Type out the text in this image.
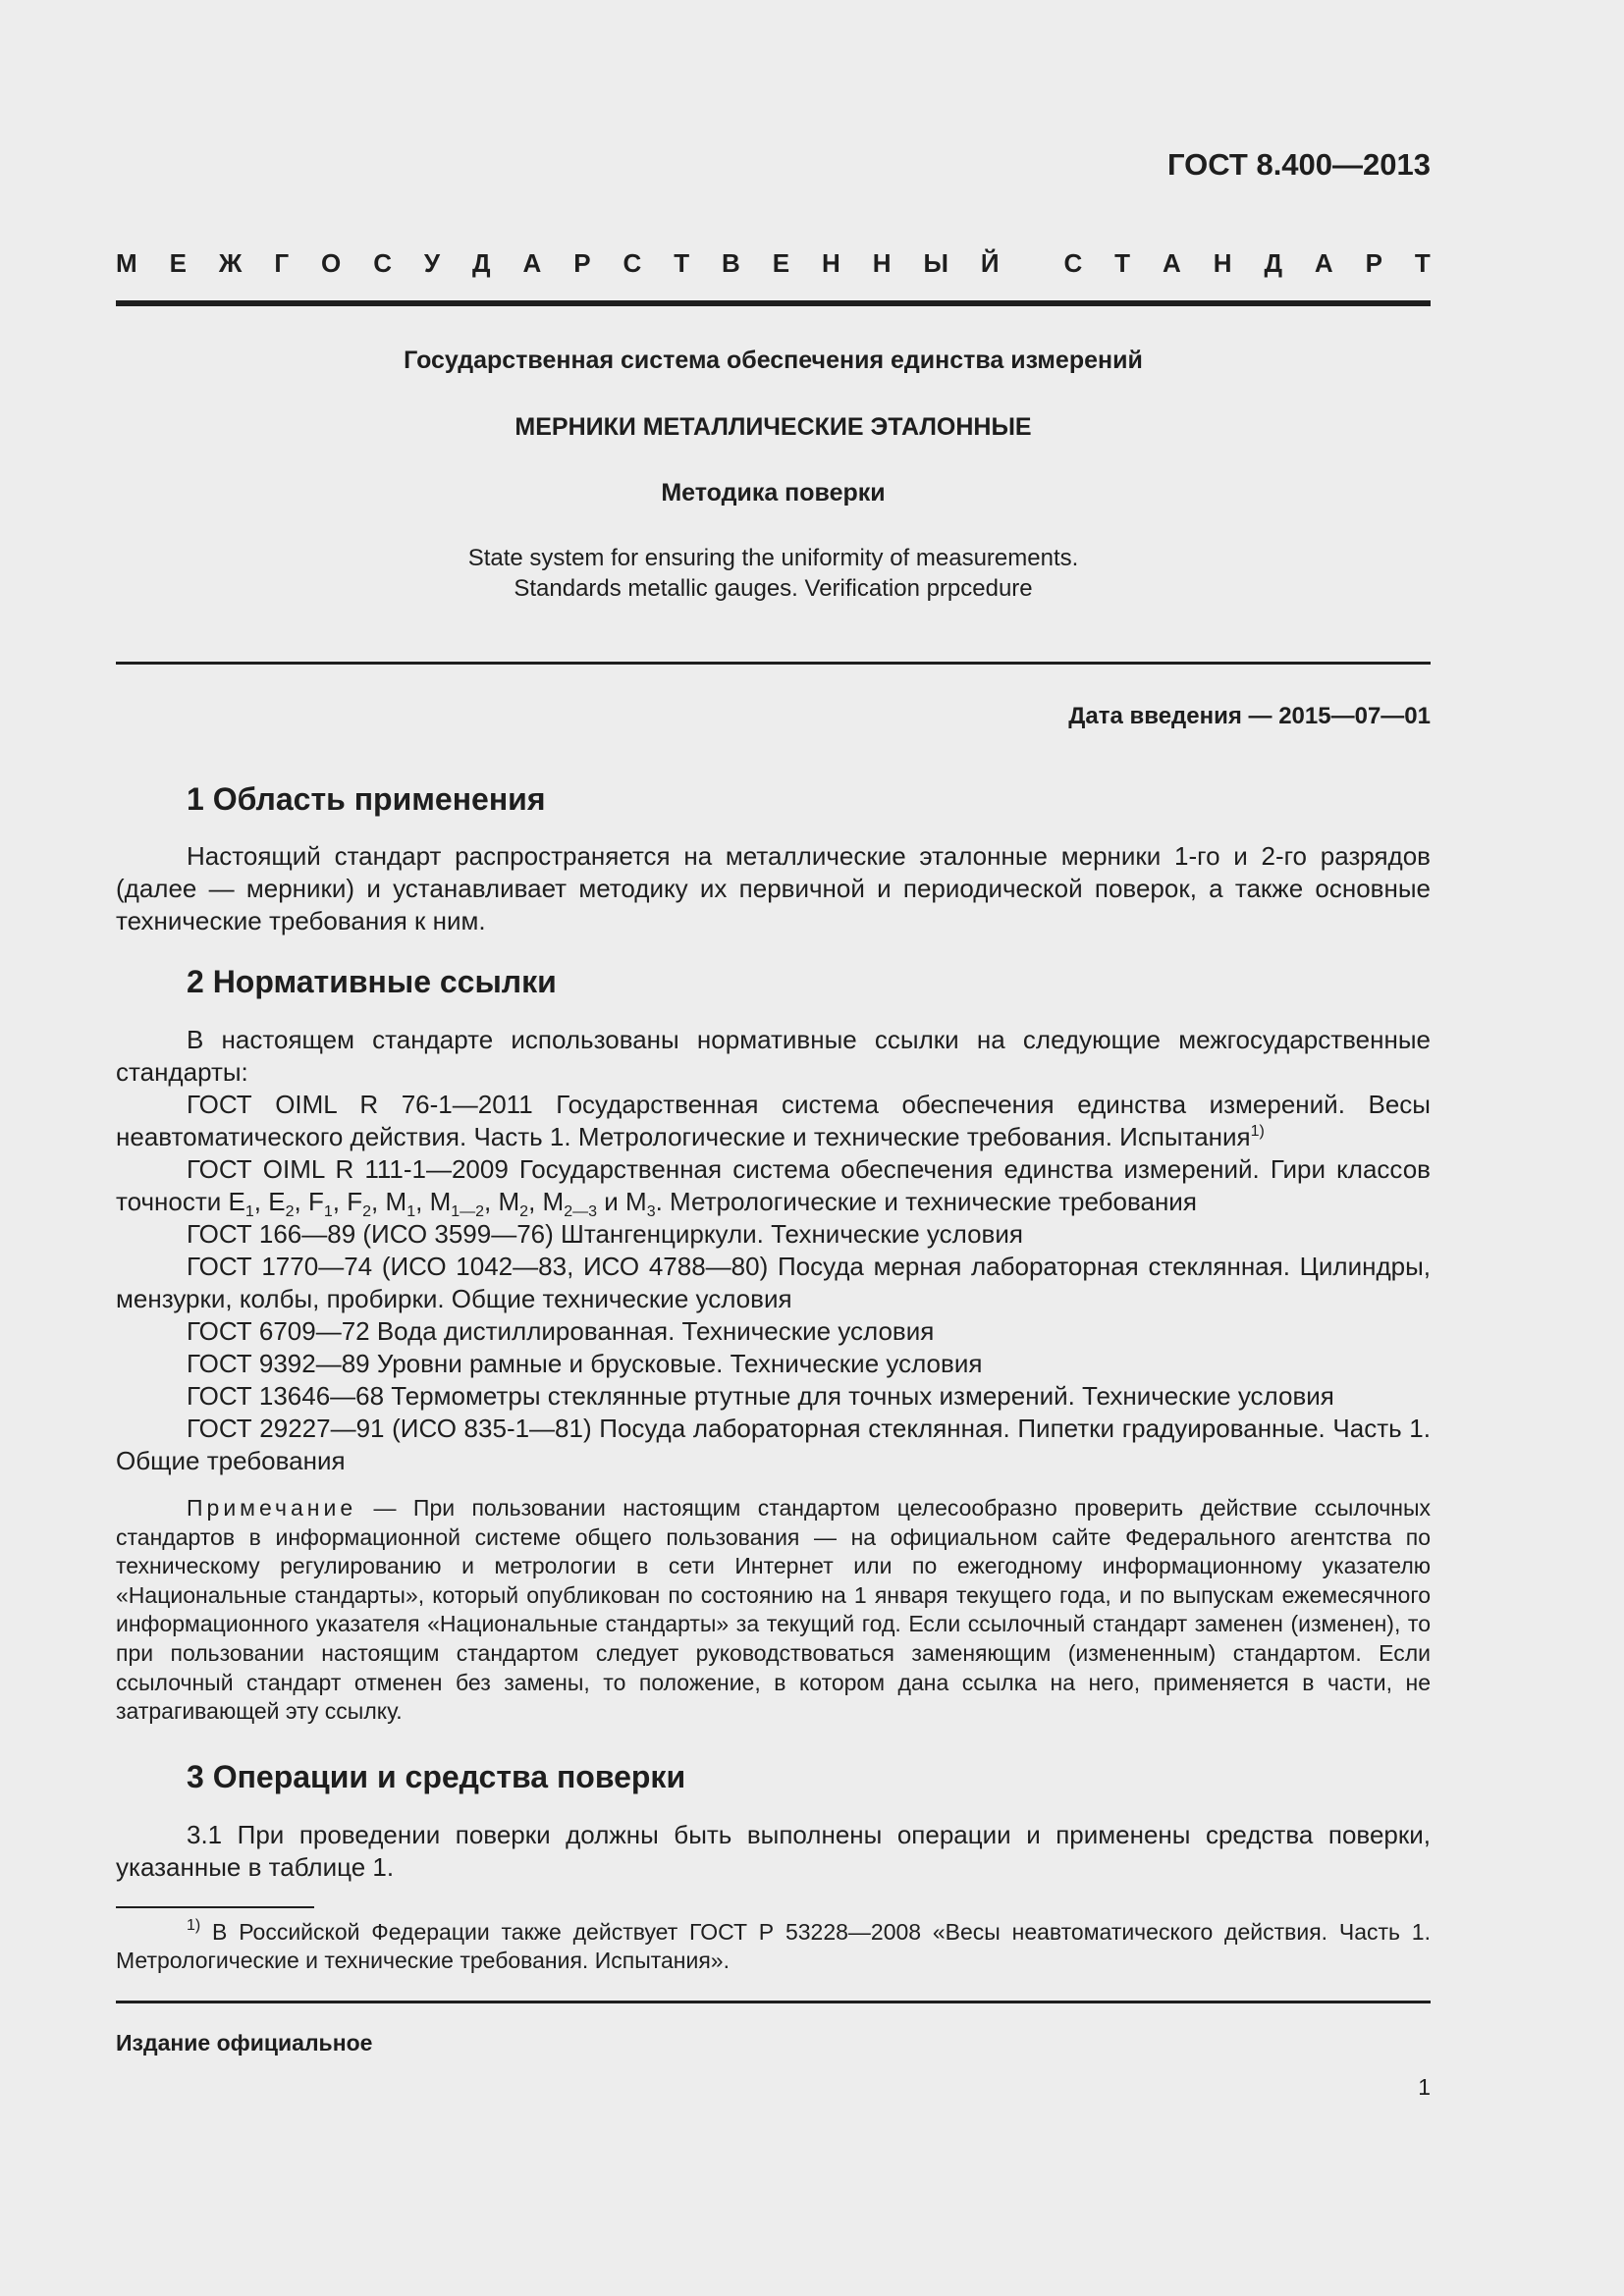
ГОСТ 8.400—2013
М Е Ж Г О С У Д А Р С Т В Е Н Н Ы Й	С Т А Н Д А Р Т
Государственная система обеспечения единства измерений
МЕРНИКИ МЕТАЛЛИЧЕСКИЕ ЭТАЛОННЫЕ
Методика поверки
State system for ensuring the uniformity of measurements.
Standards metallic gauges. Verification prpcedure
Дата введения — 2015—07—01
1 Область применения

Настоящий стандарт распространяется на металлические эталонные мерники 1-го и 2-го разрядов (далее — мерники) и устанавливает методику их первичной и периодической поверок, а также основные технические требования к ним.

2 Нормативные ссылки

В настоящем стандарте использованы нормативные ссылки на следующие межгосударственные стандарты:

ГОСТ OIML R 76-1—2011 Государственная система обеспечения единства измерений. Весы неавтоматического действия. Часть 1. Метрологические и технические требования. Испытания$^{1)}$

ГОСТ OIML R 111-1—2009 Государственная система обеспечения единства измерений. Гири классов точности $E_1$, $E_2$, $F_1$, $F_2$, $M_1$, $M_{1—2}$, $M_2$, $M_{2—3}$ и $M_3$. Метрологические и технические требования

ГОСТ 166—89 (ИСО 3599—76) Штангенциркули. Технические условия

ГОСТ 1770—74 (ИСО 1042—83, ИСО 4788—80) Посуда мерная лабораторная стеклянная. Цилиндры, мензурки, колбы, пробирки. Общие технические условия

ГОСТ 6709—72 Вода дистиллированная. Технические условия

ГОСТ 9392—89 Уровни рамные и брусковые. Технические условия

ГОСТ 13646—68 Термометры стеклянные ртутные для точных измерений. Технические условия

ГОСТ 29227—91 (ИСО 835-1—81) Посуда лабораторная стеклянная. Пипетки градуированные. Часть 1. Общие требования

Примечание — При пользовании настоящим стандартом целесообразно проверить действие ссылочных стандартов в информационной системе общего пользования — на официальном сайте Федерального агентства по техническому регулированию и метрологии в сети Интернет или по ежегодному информационному указателю «Национальные стандарты», который опубликован по состоянию на 1 января текущего года, и по выпускам ежемесячного информационного указателя «Национальные стандарты» за текущий год. Если ссылочный стандарт заменен (изменен), то при пользовании настоящим стандартом следует руководствоваться заменяющим (измененным) стандартом. Если ссылочный стандарт отменен без замены, то положение, в котором дана ссылка на него, применяется в части, не затрагивающей эту ссылку.

3 Операции и средства поверки

3.1 При проведении поверки должны быть выполнены операции и применены средства поверки, указанные в таблице 1.

$^{1)}$ В Российской Федерации также действует ГОСТ Р 53228—2008 «Весы неавтоматического действия. Часть 1. Метрологические и технические требования. Испытания».

Издание официальное
1
